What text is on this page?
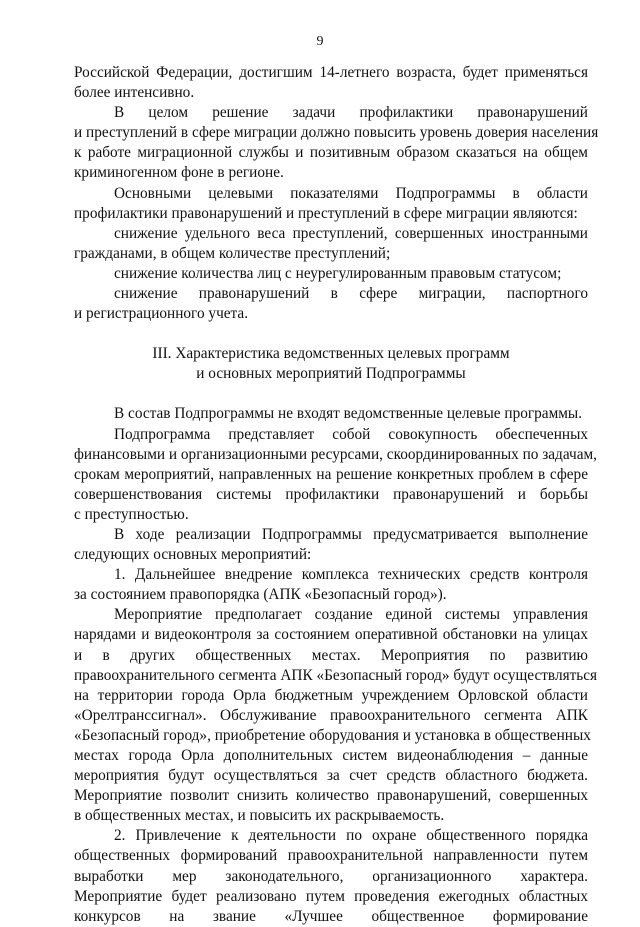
9
Российской Федерации, достигшим 14-летнего возраста, будет применяться
более интенсивно.
В целом решение задачи профилактики правонарушений
и преступлений в сфере миграции должно повысить уровень доверия населения
к работе миграционной службы и позитивным образом сказаться на общем
криминогенном фоне в регионе.
Основными целевыми показателями Подпрограммы в области
профилактики правонарушений и преступлений в сфере миграции являются:
снижение удельного веса преступлений, совершенных иностранными
гражданами, в общем количестве преступлений;
снижение количества лиц с неурегулированным правовым статусом;
снижение правонарушений в сфере миграции, паспортного
и регистрационного учета.
III. Характеристика ведомственных целевых программ
и основных мероприятий Подпрограммы
В состав Подпрограммы не входят ведомственные целевые программы.
Подпрограмма представляет собой совокупность обеспеченных
финансовыми и организационными ресурсами, скоординированных по задачам,
срокам мероприятий, направленных на решение конкретных проблем в сфере
совершенствования системы профилактики правонарушений и борьбы
с преступностью.
В ходе реализации Подпрограммы предусматривается выполнение
следующих основных мероприятий:
1. Дальнейшее внедрение комплекса технических средств контроля
за состоянием правопорядка (АПК «Безопасный город»).
Мероприятие предполагает создание единой системы управления
нарядами и видеоконтроля за состоянием оперативной обстановки на улицах
и в других общественных местах. Мероприятия по развитию
правоохранительного сегмента АПК «Безопасный город» будут осуществляться
на территории города Орла бюджетным учреждением Орловской области
«Орелтранссигнал». Обслуживание правоохранительного сегмента АПК
«Безопасный город», приобретение оборудования и установка в общественных
местах города Орла дополнительных систем видеонаблюдения – данные
мероприятия будут осуществляться за счет средств областного бюджета.
Мероприятие позволит снизить количество правонарушений, совершенных
в общественных местах, и повысить их раскрываемость.
2. Привлечение к деятельности по охране общественного порядка
общественных формирований правоохранительной направленности путем
выработки мер законодательного, организационного характера.
Мероприятие будет реализовано путем проведения ежегодных областных
конкурсов на звание «Лучшее общественное формирование
